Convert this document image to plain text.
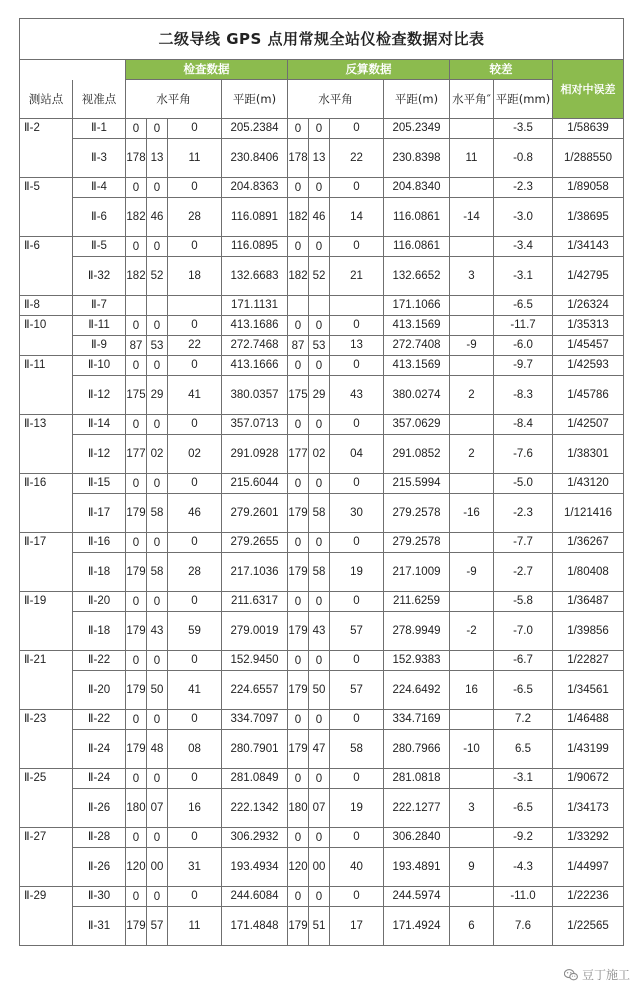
二级导线 GPS 点用常规全站仪检查数据对比表												
		检查数据				反算数据				较差		相对中误差
测站点	视准点	水平角			平距(m)	水平角			平距(m)	水平角″	平距(mm)	
Ⅱ-2	Ⅱ-1	0	0	0	205.2384	0	0	0	205.2349		-3.5	1/58639
	Ⅱ-3	178	13	11	230.8406	178	13	22	230.8398	11	-0.8	1/288550
Ⅱ-5	Ⅱ-4	0	0	0	204.8363	0	0	0	204.8340		-2.3	1/89058
	Ⅱ-6	182	46	28	116.0891	182	46	14	116.0861	-14	-3.0	1/38695
Ⅱ-6	Ⅱ-5	0	0	0	116.0895	0	0	0	116.0861		-3.4	1/34143
	Ⅱ-32	182	52	18	132.6683	182	52	21	132.6652	3	-3.1	1/42795
Ⅱ-8	Ⅱ-7				171.1131				171.1066		-6.5	1/26324
Ⅱ-10	Ⅱ-11	0	0	0	413.1686	0	0	0	413.1569		-11.7	1/35313
	Ⅱ-9	87	53	22	272.7468	87	53	13	272.7408	-9	-6.0	1/45457
Ⅱ-11	Ⅱ-10	0	0	0	413.1666	0	0	0	413.1569		-9.7	1/42593
	Ⅱ-12	175	29	41	380.0357	175	29	43	380.0274	2	-8.3	1/45786
Ⅱ-13	Ⅱ-14	0	0	0	357.0713	0	0	0	357.0629		-8.4	1/42507
	Ⅱ-12	177	02	02	291.0928	177	02	04	291.0852	2	-7.6	1/38301
Ⅱ-16	Ⅱ-15	0	0	0	215.6044	0	0	0	215.5994		-5.0	1/43120
	Ⅱ-17	179	58	46	279.2601	179	58	30	279.2578	-16	-2.3	1/121416
Ⅱ-17	Ⅱ-16	0	0	0	279.2655	0	0	0	279.2578		-7.7	1/36267
	Ⅱ-18	179	58	28	217.1036	179	58	19	217.1009	-9	-2.7	1/80408
Ⅱ-19	Ⅱ-20	0	0	0	211.6317	0	0	0	211.6259		-5.8	1/36487
	Ⅱ-18	179	43	59	279.0019	179	43	57	278.9949	-2	-7.0	1/39856
Ⅱ-21	Ⅱ-22	0	0	0	152.9450	0	0	0	152.9383		-6.7	1/22827
	Ⅱ-20	179	50	41	224.6557	179	50	57	224.6492	16	-6.5	1/34561
Ⅱ-23	Ⅱ-22	0	0	0	334.7097	0	0	0	334.7169		7.2	1/46488
	Ⅱ-24	179	48	08	280.7901	179	47	58	280.7966	-10	6.5	1/43199
Ⅱ-25	Ⅱ-24	0	0	0	281.0849	0	0	0	281.0818		-3.1	1/90672
	Ⅱ-26	180	07	16	222.1342	180	07	19	222.1277	3	-6.5	1/34173
Ⅱ-27	Ⅱ-28	0	0	0	306.2932	0	0	0	306.2840		-9.2	1/33292
	Ⅱ-26	120	00	31	193.4934	120	00	40	193.4891	9	-4.3	1/44997
Ⅱ-29	Ⅱ-30	0	0	0	244.6084	0	0	0	244.5974		-11.0	1/22236
	Ⅱ-31	179	57	11	171.4848	179	51	17	171.4924	6	7.6	1/22565
豆丁施工
